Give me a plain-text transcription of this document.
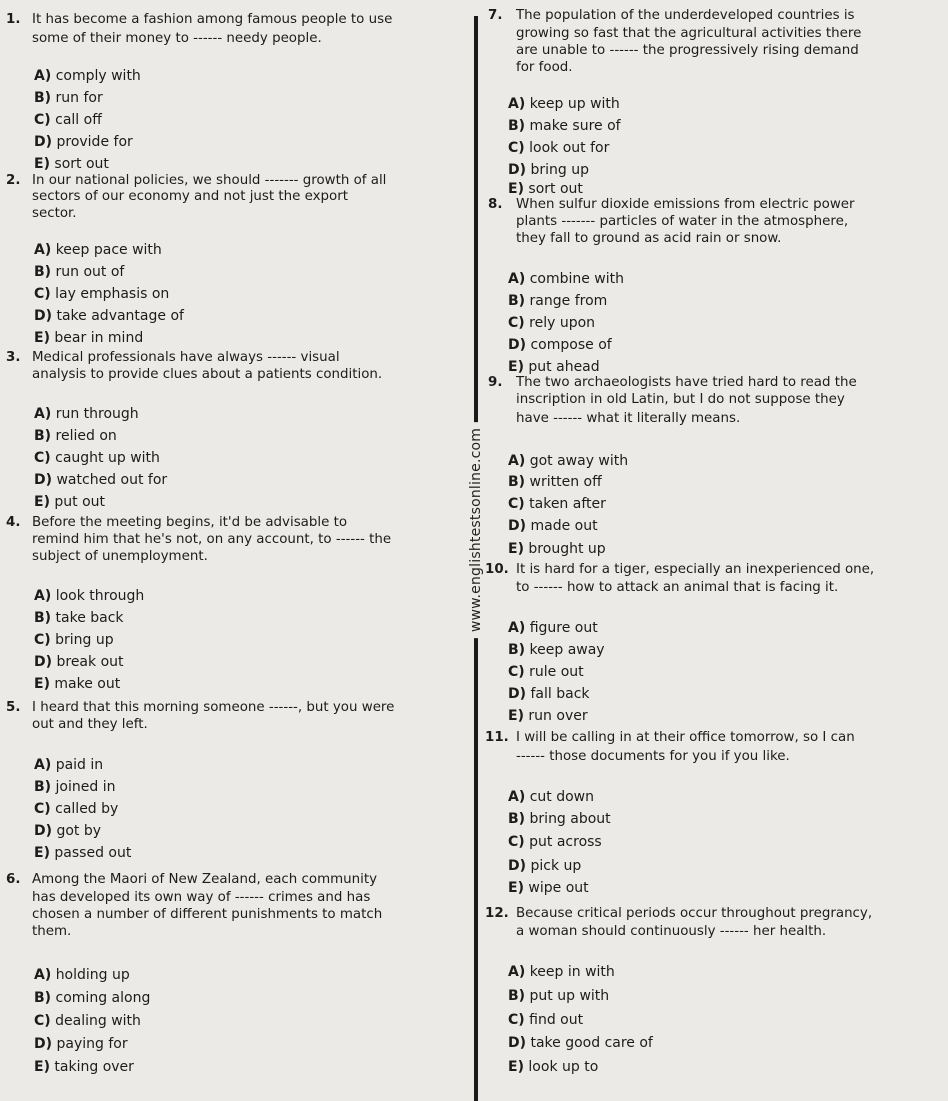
www.englishtestsonline.com
1. It has become a fashion among famous people to use
some of their money to ------ needy people.
A) comply with
B) run for
C) call off
D) provide for
E) sort out
2. In our national policies, we should ------- growth of all
sectors of our economy and not just the export
sector.
A) keep pace with
B) run out of
C) lay emphasis on
D) take advantage of
E) bear in mind
3. Medical professionals have always ------ visual
analysis to provide clues about a patients condition.
A) run through
B) relied on
C) caught up with
D) watched out for
E) put out
4. Before the meeting begins, it'd be advisable to
remind him that he's not, on any account, to ------ the
subject of unemployment.
A) look through
B) take back
C) bring up
D) break out
E) make out
5. I heard that this morning someone ------, but you were
out and they left.
A) paid in
B) joined in
C) called by
D) got by
E) passed out
6. Among the Maori of New Zealand, each community
has developed its own way of ------ crimes and has
chosen a number of different punishments to match
them.
A) holding up
B) coming along
C) dealing with
D) paying for
E) taking over
7. The population of the underdeveloped countries is
growing so fast that the agricultural activities there
are unable to ------ the progressively rising demand
for food.
A) keep up with
B) make sure of
C) look out for
D) bring up
E) sort out
8. When sulfur dioxide emissions from electric power
plants ------- particles of water in the atmosphere,
they fall to ground as acid rain or snow.
A) combine with
B) range from
C) rely upon
D) compose of
E) put ahead
9. The two archaeologists have tried hard to read the
inscription in old Latin, but I do not suppose they
have ------ what it literally means.
A) got away with
B) written off
C) taken after
D) made out
E) brought up
10. It is hard for a tiger, especially an inexperienced one,
to ------ how to attack an animal that is facing it.
A) figure out
B) keep away
C) rule out
D) fall back
E) run over
11. I will be calling in at their office tomorrow, so I can
------ those documents for you if you like.
A) cut down
B) bring about
C) put across
D) pick up
E) wipe out
12. Because critical periods occur throughout pregrancy,
a woman should continuously ------ her health.
A) keep in with
B) put up with
C) find out
D) take good care of
E) look up to
